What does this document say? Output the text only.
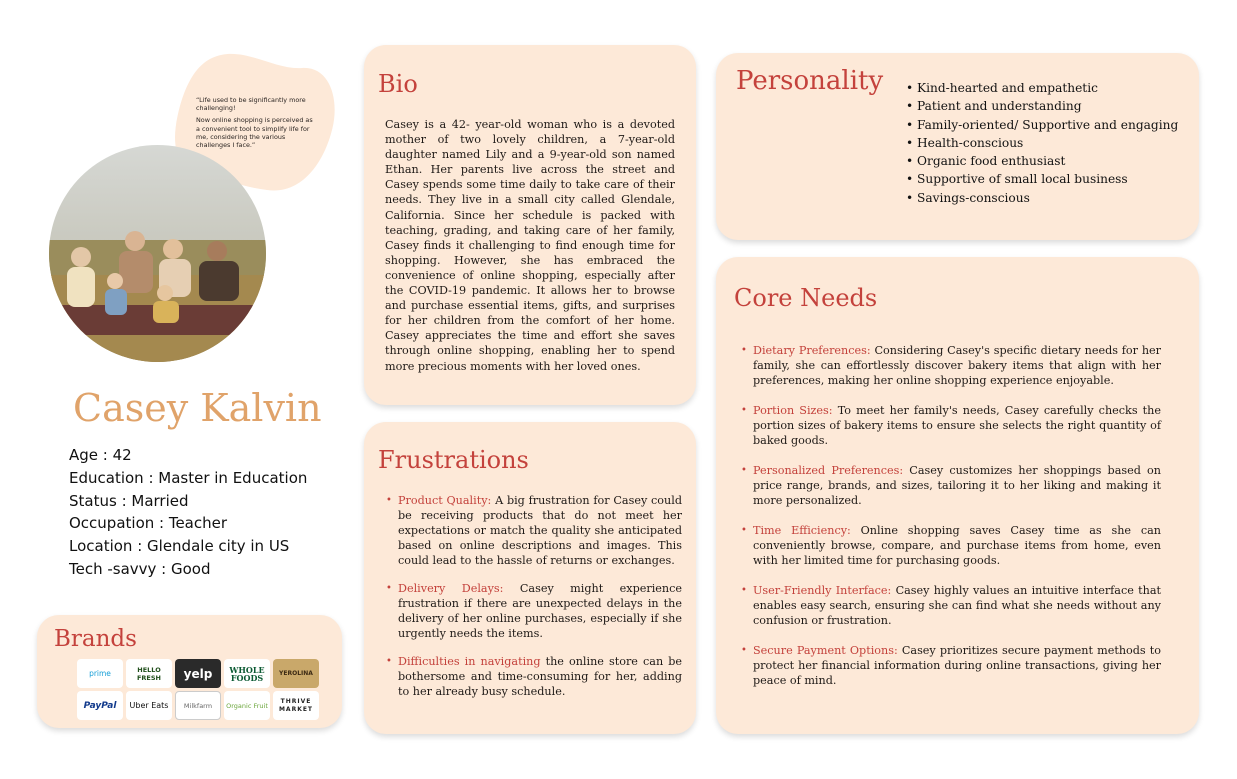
“Life used to be significantly more challenging!

Now online shopping is perceived as a convenient tool to simplify life for me, considering the various challenges I face.”

Casey Kalvin
Age : 42
Education : Master in Education
Status : Married
Occupation : Teacher
Location : Glendale city in US
Tech -savvy : Good
Brands
prime	HELLO FRESH	yelp	WHOLE FOODS	YEROLINA
PayPal	Uber Eats	Milkfarm	Organic Fruit
THRIVE MARKET
Bio
Casey is a 42- year-old woman who is a devoted mother of two lovely children, a 7-year-old daughter named Lily and a 9-year-old son named Ethan. Her parents live across the street and Casey spends some time daily to take care of their needs. They live in a small city called Glendale, California. Since her schedule is packed with teaching, grading, and taking care of her family, Casey finds it challenging to find enough time for shopping. However, she has embraced the convenience of online shopping, especially after the COVID-19 pandemic. It allows her to browse and purchase essential items, gifts, and surprises for her children from the comfort of her home. Casey appreciates the time and effort she saves through online shopping, enabling her to spend more precious moments with her loved ones.
Frustrations
• Product Quality: A big frustration for Casey could be receiving products that do not meet her expectations or match the quality she anticipated based on online descriptions and images. This could lead to the hassle of returns or exchanges.
• Delivery Delays: Casey might experience frustration if there are unexpected delays in the delivery of her online purchases, especially if she urgently needs the items.
• Difficulties in navigating the online store can be bothersome and time-consuming for her, adding to her already busy schedule.
Personality
•	Kind-hearted and empathetic
• Patient and understanding
• Family-oriented/ Supportive and engaging
• Health-conscious
• Organic food enthusiast
• Supportive of small local business
• Savings-conscious
Core Needs
• Dietary Preferences: Considering Casey's specific dietary needs for her family, she can effortlessly discover bakery items that align with her preferences, making her online shopping experience enjoyable.
• Portion Sizes: To meet her family's needs, Casey carefully checks the portion sizes of bakery items to ensure she selects the right quantity of baked goods.
• Personalized Preferences: Casey customizes her shoppings based on price range, brands, and sizes, tailoring it to her liking and making it more personalized.
• Time Efficiency: Online shopping saves Casey time as she can conveniently browse, compare, and purchase items from home, even with her limited time for purchasing goods.
• User-Friendly Interface: Casey highly values an intuitive interface that enables easy search, ensuring she can find what she needs without any confusion or frustration.
• Secure Payment Options: Casey prioritizes secure payment methods to protect her financial information during online transactions, giving her peace of mind.
